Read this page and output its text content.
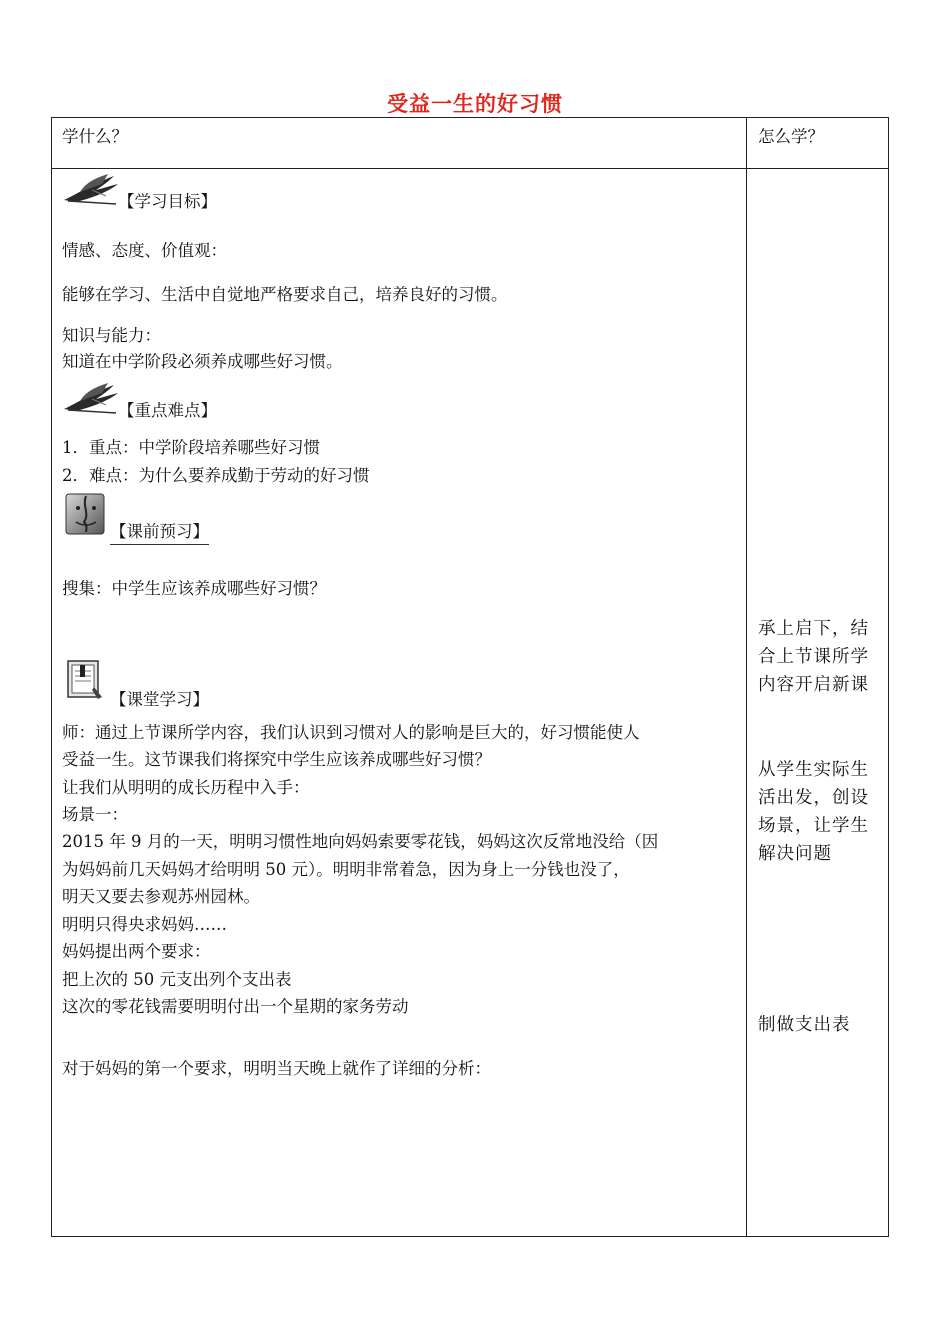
受益一生的好习惯
学什么？	怎么学？
【学习目标】
情感、态度、价值观：
能够在学习、生活中自觉地严格要求自己，培养良好的习惯。
知识与能力：
知道在中学阶段必须养成哪些好习惯。
【重点难点】
1．重点：中学阶段培养哪些好习惯
2．难点：为什么要养成勤于劳动的好习惯
【课前预习】
搜集：中学生应该养成哪些好习惯？
【课堂学习】
师：通过上节课所学内容，我们认识到习惯对人的影响是巨大的，好习惯能使人
受益一生。这节课我们将探究中学生应该养成哪些好习惯？
让我们从明明的成长历程中入手：
场景一：
2015 年 9 月的一天，明明习惯性地向妈妈索要零花钱，妈妈这次反常地没给（因
为妈妈前几天妈妈才给明明 50 元）。明明非常着急，因为身上一分钱也没了，
明天又要去参观苏州园林。
明明只得央求妈妈……
妈妈提出两个要求：
把上次的 50 元支出列个支出表
这次的零花钱需要明明付出一个星期的家务劳动
对于妈妈的第一个要求，明明当天晚上就作了详细的分析：
承上启下，结
合上节课所学
内容开启新课
从学生实际生
活出发，创设
场景，让学生
解决问题
制做支出表
